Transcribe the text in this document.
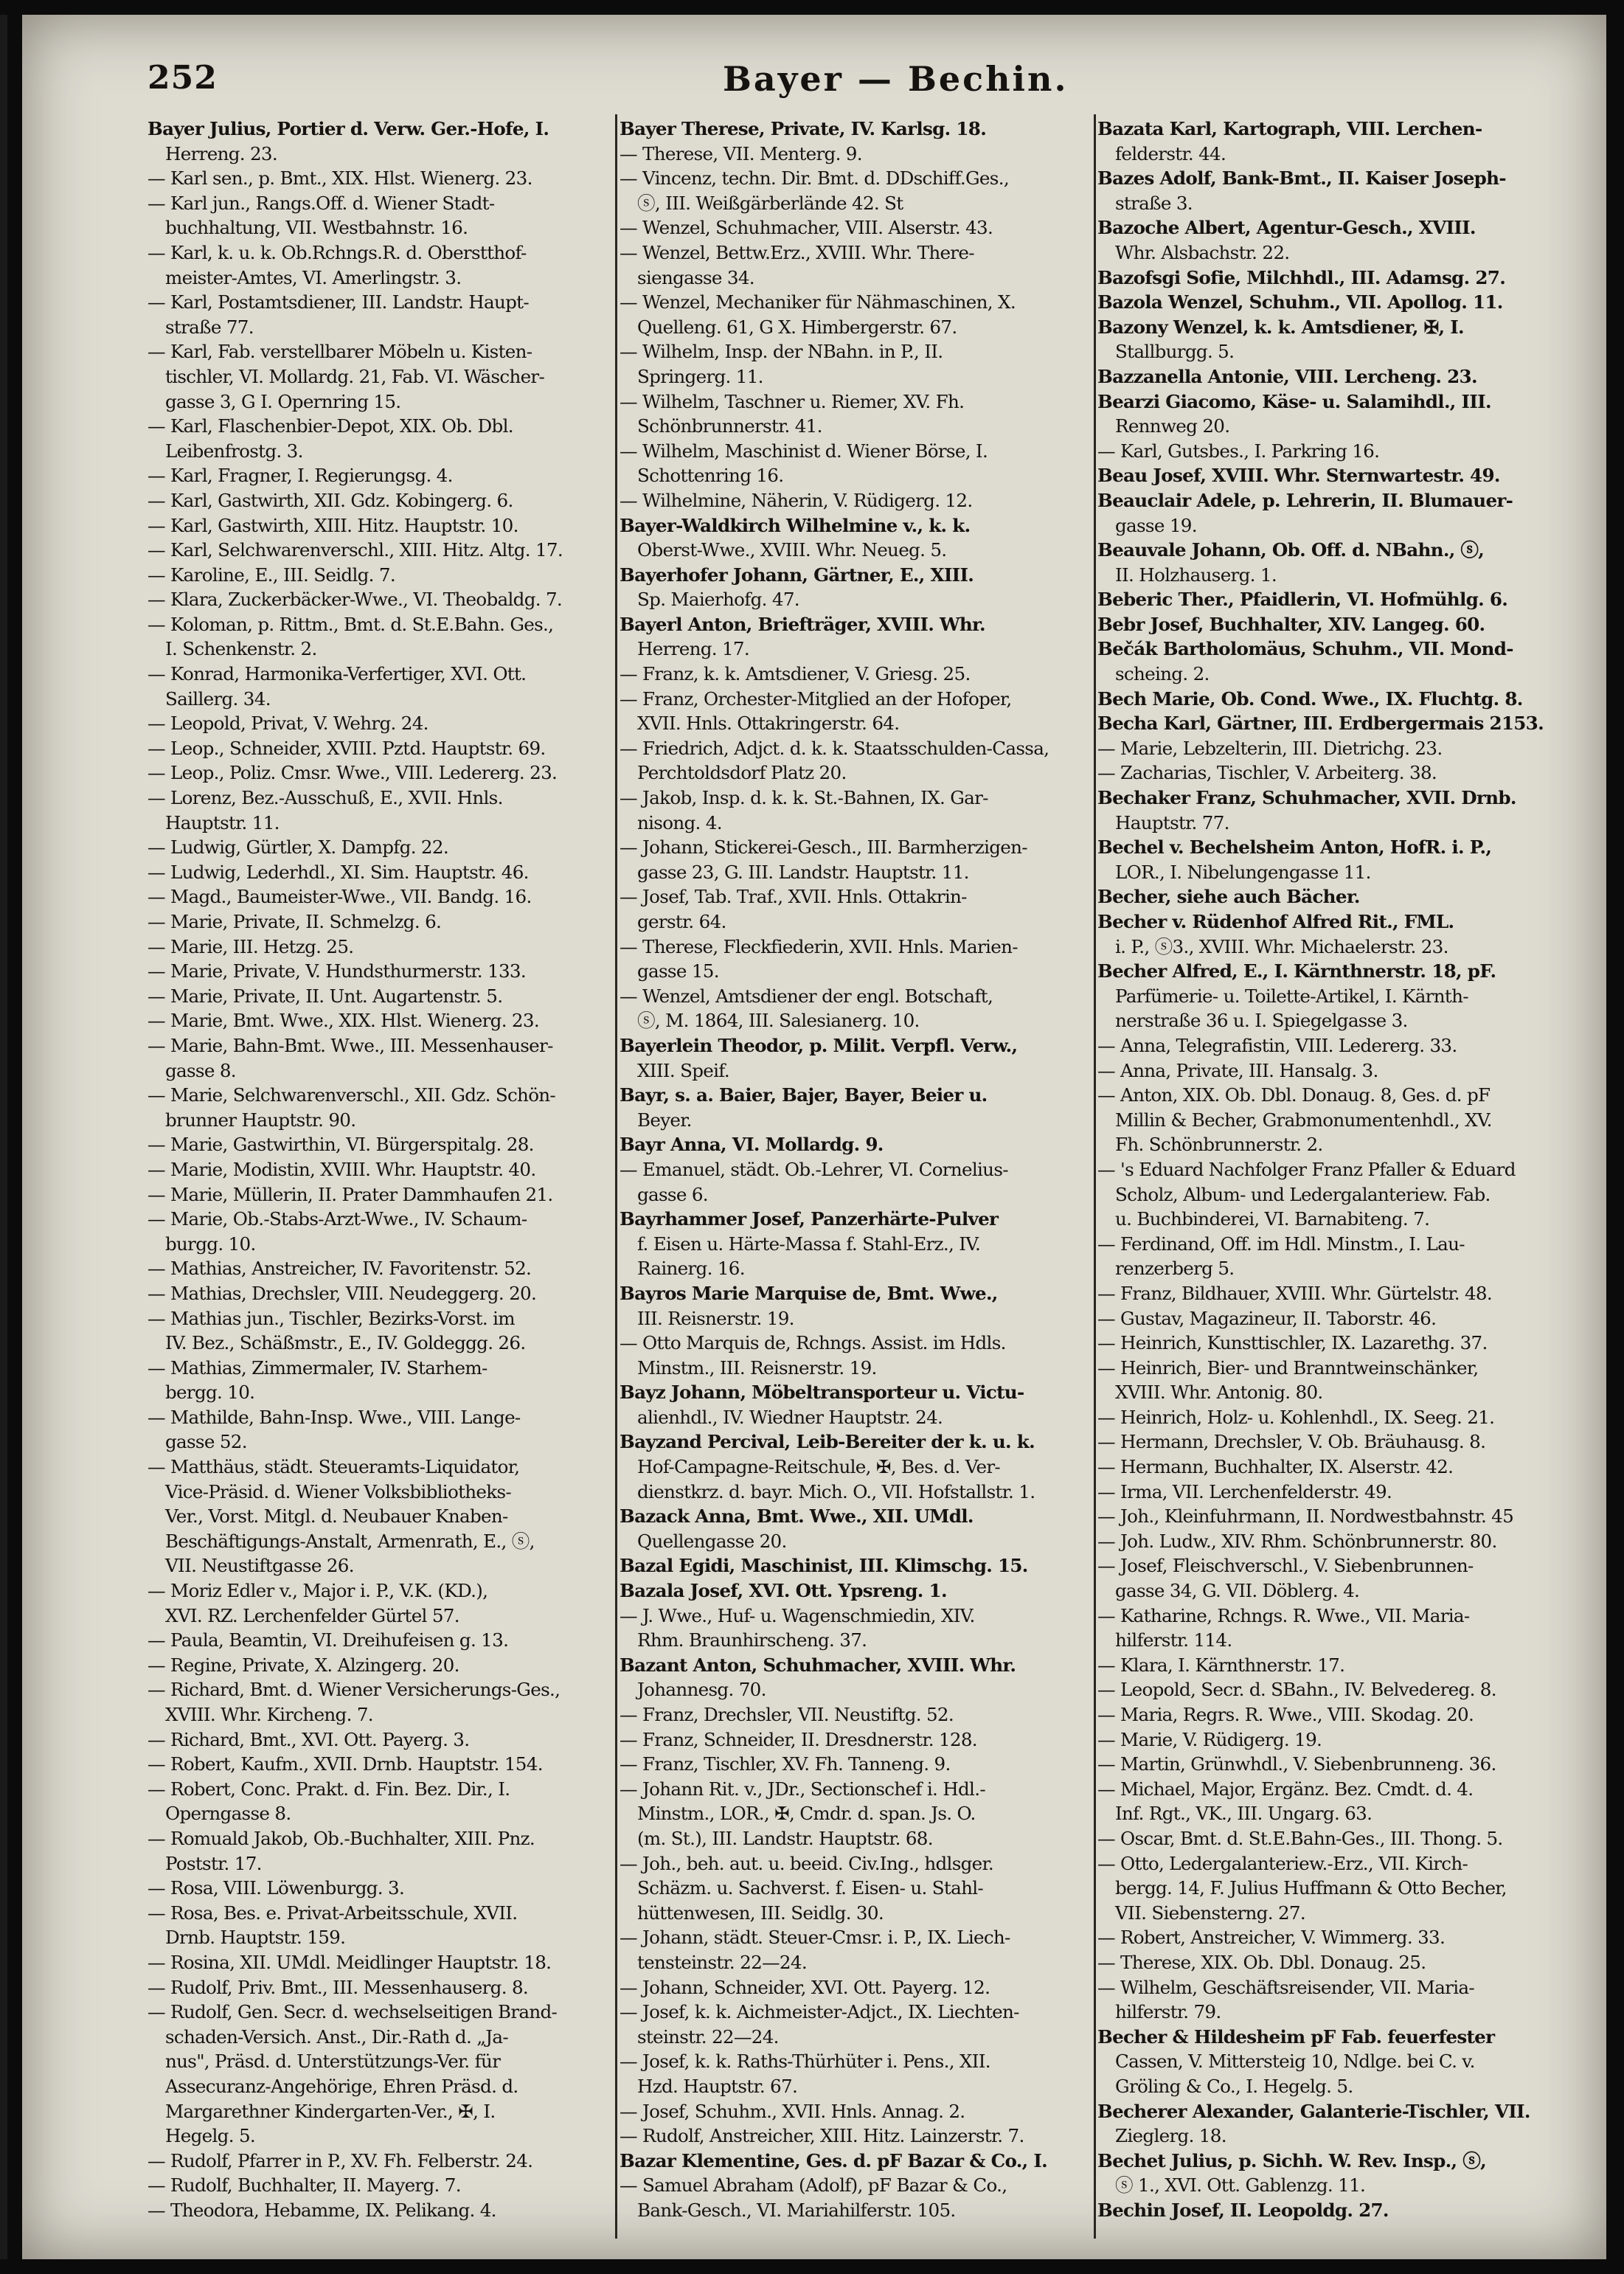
252	Bayer — Bechin.
Bayer Julius, Portier d. Verw. Ger.-Hofe, I.
Herreng. 23.
— Karl sen., p. Bmt., XIX. Hlst. Wienerg. 23.
— Karl jun., Rangs.Off. d. Wiener Stadt-
buchhaltung, VII. Westbahnstr. 16.
— Karl, k. u. k. Ob.Rchngs.R. d. Oberstthof-
meister-Amtes, VI. Amerlingstr. 3.
— Karl, Postamtsdiener, III. Landstr. Haupt-
straße 77.
— Karl, Fab. verstellbarer Möbeln u. Kisten-
tischler, VI. Mollardg. 21, Fab. VI. Wäscher-
gasse 3, G I. Opernring 15.
— Karl, Flaschenbier-Depot, XIX. Ob. Dbl.
Leibenfrostg. 3.
— Karl, Fragner, I. Regierungsg. 4.
— Karl, Gastwirth, XII. Gdz. Kobingerg. 6.
— Karl, Gastwirth, XIII. Hitz. Hauptstr. 10.
— Karl, Selchwarenverschl., XIII. Hitz. Altg. 17.
— Karoline, E., III. Seidlg. 7.
— Klara, Zuckerbäcker-Wwe., VI. Theobaldg. 7.
— Koloman, p. Rittm., Bmt. d. St.E.Bahn. Ges.,
I. Schenkenstr. 2.
— Konrad, Harmonika-Verfertiger, XVI. Ott.
Saillerg. 34.
— Leopold, Privat, V. Wehrg. 24.
— Leop., Schneider, XVIII. Pztd. Hauptstr. 69.
— Leop., Poliz. Cmsr. Wwe., VIII. Ledererg. 23.
— Lorenz, Bez.-Ausschuß, E., XVII. Hnls.
Hauptstr. 11.
— Ludwig, Gürtler, X. Dampfg. 22.
— Ludwig, Lederhdl., XI. Sim. Hauptstr. 46.
— Magd., Baumeister-Wwe., VII. Bandg. 16.
— Marie, Private, II. Schmelzg. 6.
— Marie, III. Hetzg. 25.
— Marie, Private, V. Hundsthurmerstr. 133.
— Marie, Private, II. Unt. Augartenstr. 5.
— Marie, Bmt. Wwe., XIX. Hlst. Wienerg. 23.
— Marie, Bahn-Bmt. Wwe., III. Messenhauser-
gasse 8.
— Marie, Selchwarenverschl., XII. Gdz. Schön-
brunner Hauptstr. 90.
— Marie, Gastwirthin, VI. Bürgerspitalg. 28.
— Marie, Modistin, XVIII. Whr. Hauptstr. 40.
— Marie, Müllerin, II. Prater Dammhaufen 21.
— Marie, Ob.-Stabs-Arzt-Wwe., IV. Schaum-
burgg. 10.
— Mathias, Anstreicher, IV. Favoritenstr. 52.
— Mathias, Drechsler, VIII. Neudeggerg. 20.
— Mathias jun., Tischler, Bezirks-Vorst. im
IV. Bez., Schäßmstr., E., IV. Goldeggg. 26.
— Mathias, Zimmermaler, IV. Starhem-
bergg. 10.
— Mathilde, Bahn-Insp. Wwe., VIII. Lange-
gasse 52.
— Matthäus, städt. Steueramts-Liquidator,
Vice-Präsid. d. Wiener Volksbibliotheks-
Ver., Vorst. Mitgl. d. Neubauer Knaben-
Beschäftigungs-Anstalt, Armenrath, E., ⓢ,
VII. Neustiftgasse 26.
— Moriz Edler v., Major i. P., V.K. (KD.),
XVI. RZ. Lerchenfelder Gürtel 57.
— Paula, Beamtin, VI. Dreihufeisen g. 13.
— Regine, Private, X. Alzingerg. 20.
— Richard, Bmt. d. Wiener Versicherungs-Ges.,
XVIII. Whr. Kircheng. 7.
— Richard, Bmt., XVI. Ott. Payerg. 3.
— Robert, Kaufm., XVII. Drnb. Hauptstr. 154.
— Robert, Conc. Prakt. d. Fin. Bez. Dir., I.
Operngasse 8.
— Romuald Jakob, Ob.-Buchhalter, XIII. Pnz.
Poststr. 17.
— Rosa, VIII. Löwenburgg. 3.
— Rosa, Bes. e. Privat-Arbeitsschule, XVII.
Drnb. Hauptstr. 159.
— Rosina, XII. UMdl. Meidlinger Hauptstr. 18.
— Rudolf, Priv. Bmt., III. Messenhauserg. 8.
— Rudolf, Gen. Secr. d. wechselseitigen Brand-
schaden-Versich. Anst., Dir.-Rath d. „Ja-
nus", Präsd. d. Unterstützungs-Ver. für
Assecuranz-Angehörige, Ehren Präsd. d.
Margarethner Kindergarten-Ver., ✠, I.
Hegelg. 5.
— Rudolf, Pfarrer in P., XV. Fh. Felberstr. 24.
— Rudolf, Buchhalter, II. Mayerg. 7.
— Theodora, Hebamme, IX. Pelikang. 4.
Bayer Therese, Private, IV. Karlsg. 18.
— Therese, VII. Menterg. 9.
— Vincenz, techn. Dir. Bmt. d. DDschiff.Ges.,
ⓢ, III. Weißgärberlände 42. St
— Wenzel, Schuhmacher, VIII. Alserstr. 43.
— Wenzel, Bettw.Erz., XVIII. Whr. There-
siengasse 34.
— Wenzel, Mechaniker für Nähmaschinen, X.
Quelleng. 61, G X. Himbergerstr. 67.
— Wilhelm, Insp. der NBahn. in P., II.
Springerg. 11.
— Wilhelm, Taschner u. Riemer, XV. Fh.
Schönbrunnerstr. 41.
— Wilhelm, Maschinist d. Wiener Börse, I.
Schottenring 16.
— Wilhelmine, Näherin, V. Rüdigerg. 12.
Bayer-Waldkirch Wilhelmine v., k. k.
Oberst-Wwe., XVIII. Whr. Neueg. 5.
Bayerhofer Johann, Gärtner, E., XIII.
Sp. Maierhofg. 47.
Bayerl Anton, Briefträger, XVIII. Whr.
Herreng. 17.
— Franz, k. k. Amtsdiener, V. Griesg. 25.
— Franz, Orchester-Mitglied an der Hofoper,
XVII. Hnls. Ottakringerstr. 64.
— Friedrich, Adjct. d. k. k. Staatsschulden-Cassa,
Perchtoldsdorf Platz 20.
— Jakob, Insp. d. k. k. St.-Bahnen, IX. Gar-
nisong. 4.
— Johann, Stickerei-Gesch., III. Barmherzigen-
gasse 23, G. III. Landstr. Hauptstr. 11.
— Josef, Tab. Traf., XVII. Hnls. Ottakrin-
gerstr. 64.
— Therese, Fleckfiederin, XVII. Hnls. Marien-
gasse 15.
— Wenzel, Amtsdiener der engl. Botschaft,
ⓢ, M. 1864, III. Salesianerg. 10.
Bayerlein Theodor, p. Milit. Verpfl. Verw.,
XIII. Speif.
Bayr, s. a. Baier, Bajer, Bayer, Beier u.
Beyer.
Bayr Anna, VI. Mollardg. 9.
— Emanuel, städt. Ob.-Lehrer, VI. Cornelius-
gasse 6.
Bayrhammer Josef, Panzerhärte-Pulver
f. Eisen u. Härte-Massa f. Stahl-Erz., IV.
Rainerg. 16.
Bayros Marie Marquise de, Bmt. Wwe.,
III. Reisnerstr. 19.
— Otto Marquis de, Rchngs. Assist. im Hdls.
Minstm., III. Reisnerstr. 19.
Bayz Johann, Möbeltransporteur u. Victu-
alienhdl., IV. Wiedner Hauptstr. 24.
Bayzand Percival, Leib-Bereiter der k. u. k.
Hof-Campagne-Reitschule, ✠, Bes. d. Ver-
dienstkrz. d. bayr. Mich. O., VII. Hofstallstr. 1.
Bazack Anna, Bmt. Wwe., XII. UMdl.
Quellengasse 20.
Bazal Egidi, Maschinist, III. Klimschg. 15.
Bazala Josef, XVI. Ott. Ypsreng. 1.
— J. Wwe., Huf- u. Wagenschmiedin, XIV.
Rhm. Braunhirscheng. 37.
Bazant Anton, Schuhmacher, XVIII. Whr.
Johannesg. 70.
— Franz, Drechsler, VII. Neustiftg. 52.
— Franz, Schneider, II. Dresdnerstr. 128.
— Franz, Tischler, XV. Fh. Tanneng. 9.
— Johann Rit. v., JDr., Sectionschef i. Hdl.-
Minstm., LOR., ✠, Cmdr. d. span. Js. O.
(m. St.), III. Landstr. Hauptstr. 68.
— Joh., beh. aut. u. beeid. Civ.Ing., hdlsger.
Schäzm. u. Sachverst. f. Eisen- u. Stahl-
hüttenwesen, III. Seidlg. 30.
— Johann, städt. Steuer-Cmsr. i. P., IX. Liech-
tensteinstr. 22—24.
— Johann, Schneider, XVI. Ott. Payerg. 12.
— Josef, k. k. Aichmeister-Adjct., IX. Liechten-
steinstr. 22—24.
— Josef, k. k. Raths-Thürhüter i. Pens., XII.
Hzd. Hauptstr. 67.
— Josef, Schuhm., XVII. Hnls. Annag. 2.
— Rudolf, Anstreicher, XIII. Hitz. Lainzerstr. 7.
Bazar Klementine, Ges. d. pF Bazar & Co., I.
— Samuel Abraham (Adolf), pF Bazar & Co.,
Bank-Gesch., VI. Mariahilferstr. 105.
Bazata Karl, Kartograph, VIII. Lerchen-
felderstr. 44.
Bazes Adolf, Bank-Bmt., II. Kaiser Joseph-
straße 3.
Bazoche Albert, Agentur-Gesch., XVIII.
Whr. Alsbachstr. 22.
Bazofsgi Sofie, Milchhdl., III. Adamsg. 27.
Bazola Wenzel, Schuhm., VII. Apollog. 11.
Bazony Wenzel, k. k. Amtsdiener, ✠, I.
Stallburgg. 5.
Bazzanella Antonie, VIII. Lercheng. 23.
Bearzi Giacomo, Käse- u. Salamihdl., III.
Rennweg 20.
— Karl, Gutsbes., I. Parkring 16.
Beau Josef, XVIII. Whr. Sternwartestr. 49.
Beauclair Adele, p. Lehrerin, II. Blumauer-
gasse 19.
Beauvale Johann, Ob. Off. d. NBahn., ⓢ,
II. Holzhauserg. 1.
Beberic Ther., Pfaidlerin, VI. Hofmühlg. 6.
Bebr Josef, Buchhalter, XIV. Langeg. 60.
Bečák Bartholomäus, Schuhm., VII. Mond-
scheing. 2.
Bech Marie, Ob. Cond. Wwe., IX. Fluchtg. 8.
Becha Karl, Gärtner, III. Erdbergermais 2153.
— Marie, Lebzelterin, III. Dietrichg. 23.
— Zacharias, Tischler, V. Arbeiterg. 38.
Bechaker Franz, Schuhmacher, XVII. Drnb.
Hauptstr. 77.
Bechel v. Bechelsheim Anton, HofR. i. P.,
LOR., I. Nibelungengasse 11.
Becher, siehe auch Bächer.
Becher v. Rüdenhof Alfred Rit., FML.
i. P., ⓢ3., XVIII. Whr. Michaelerstr. 23.
Becher Alfred, E., I. Kärnthnerstr. 18, pF.
Parfümerie- u. Toilette-Artikel, I. Kärnth-
nerstraße 36 u. I. Spiegelgasse 3.
— Anna, Telegrafistin, VIII. Ledererg. 33.
— Anna, Private, III. Hansalg. 3.
— Anton, XIX. Ob. Dbl. Donaug. 8, Ges. d. pF
Millin & Becher, Grabmonumentenhdl., XV.
Fh. Schönbrunnerstr. 2.
— 's Eduard Nachfolger Franz Pfaller & Eduard
Scholz, Album- und Ledergalanteriew. Fab.
u. Buchbinderei, VI. Barnabiteng. 7.
— Ferdinand, Off. im Hdl. Minstm., I. Lau-
renzerberg 5.
— Franz, Bildhauer, XVIII. Whr. Gürtelstr. 48.
— Gustav, Magazineur, II. Taborstr. 46.
— Heinrich, Kunsttischler, IX. Lazarethg. 37.
— Heinrich, Bier- und Branntweinschänker,
XVIII. Whr. Antonig. 80.
— Heinrich, Holz- u. Kohlenhdl., IX. Seeg. 21.
— Hermann, Drechsler, V. Ob. Bräuhausg. 8.
— Hermann, Buchhalter, IX. Alserstr. 42.
— Irma, VII. Lerchenfelderstr. 49.
— Joh., Kleinfuhrmann, II. Nordwestbahnstr. 45
— Joh. Ludw., XIV. Rhm. Schönbrunnerstr. 80.
— Josef, Fleischverschl., V. Siebenbrunnen-
gasse 34, G. VII. Döblerg. 4.
— Katharine, Rchngs. R. Wwe., VII. Maria-
hilferstr. 114.
— Klara, I. Kärnthnerstr. 17.
— Leopold, Secr. d. SBahn., IV. Belvedereg. 8.
— Maria, Regrs. R. Wwe., VIII. Skodag. 20.
— Marie, V. Rüdigerg. 19.
— Martin, Grünwhdl., V. Siebenbrunneng. 36.
— Michael, Major, Ergänz. Bez. Cmdt. d. 4.
Inf. Rgt., VK., III. Ungarg. 63.
— Oscar, Bmt. d. St.E.Bahn-Ges., III. Thong. 5.
— Otto, Ledergalanteriew.-Erz., VII. Kirch-
bergg. 14, F. Julius Huffmann & Otto Becher,
VII. Siebensterng. 27.
— Robert, Anstreicher, V. Wimmerg. 33.
— Therese, XIX. Ob. Dbl. Donaug. 25.
— Wilhelm, Geschäftsreisender, VII. Maria-
hilferstr. 79.
Becher & Hildesheim pF Fab. feuerfester
Cassen, V. Mittersteig 10, Ndlge. bei C. v.
Gröling & Co., I. Hegelg. 5.
Becherer Alexander, Galanterie-Tischler, VII.
Zieglerg. 18.
Bechet Julius, p. Sichh. W. Rev. Insp., ⓢ,
ⓢ 1., XVI. Ott. Gablenzg. 11.
Bechin Josef, II. Leopoldg. 27.
